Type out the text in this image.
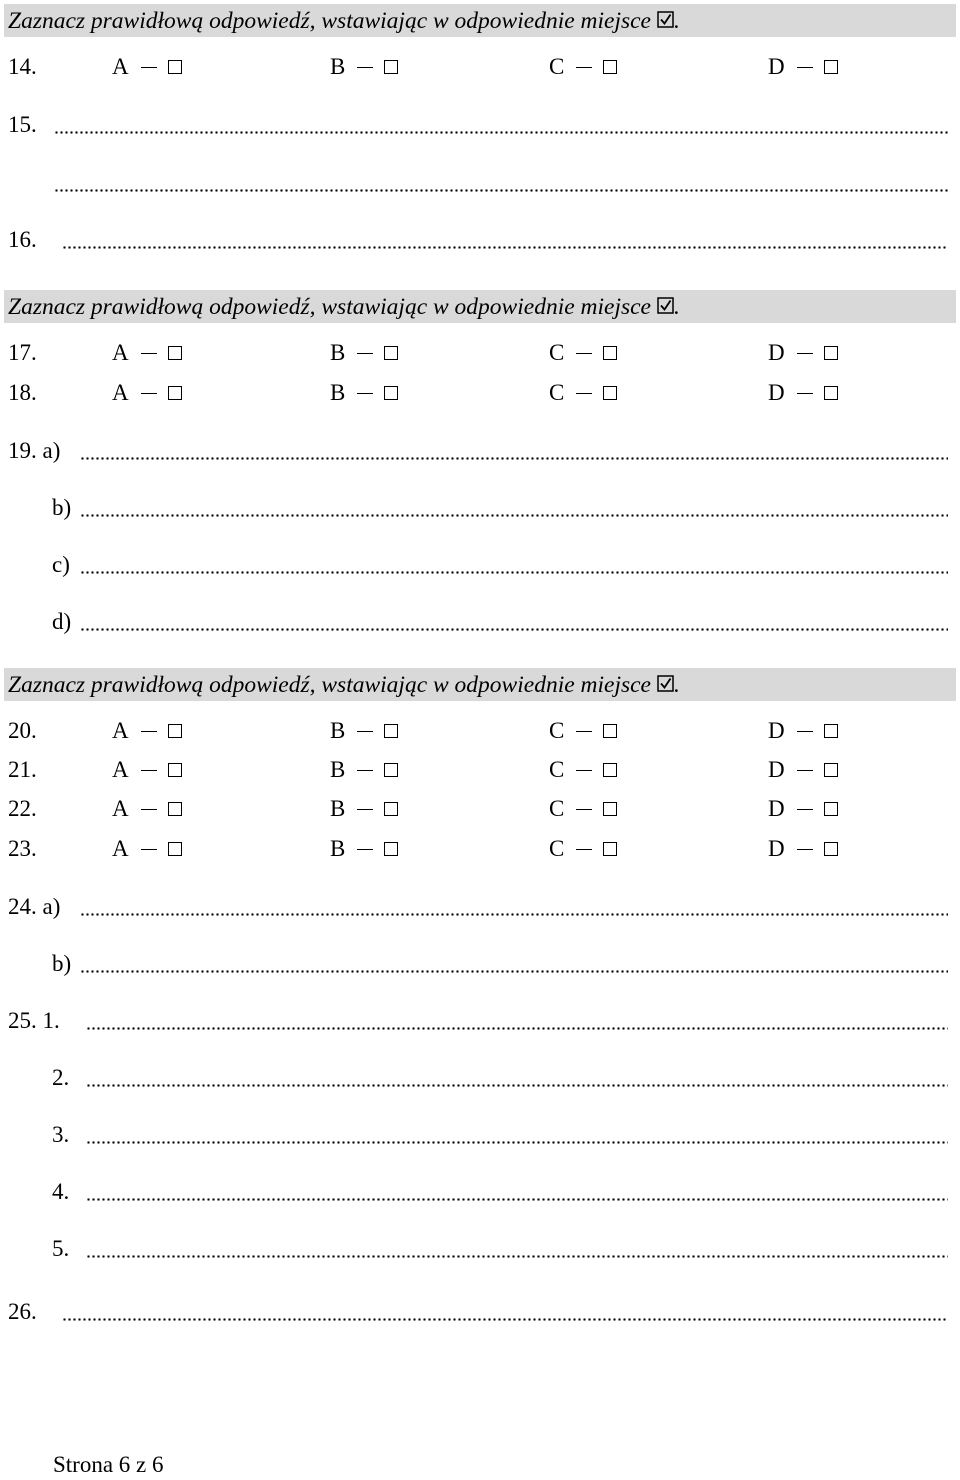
Zaznacz prawidłową odpowiedź, wstawiając w odpowiednie miejsce .
14.	A	B	C	D
15.
16.
Zaznacz prawidłową odpowiedź, wstawiając w odpowiednie miejsce .
17.	A	B	C	D
18.	A	B	C	D
19. a)
b)
c)
d)
Zaznacz prawidłową odpowiedź, wstawiając w odpowiednie miejsce .
20.	A	B	C	D
21.	A	B	C	D
22.	A	B	C	D
23.	A	B	C	D
24. a)
b)
25. 1.
2.
3.
4.
5.
26.
Strona 6 z 6
